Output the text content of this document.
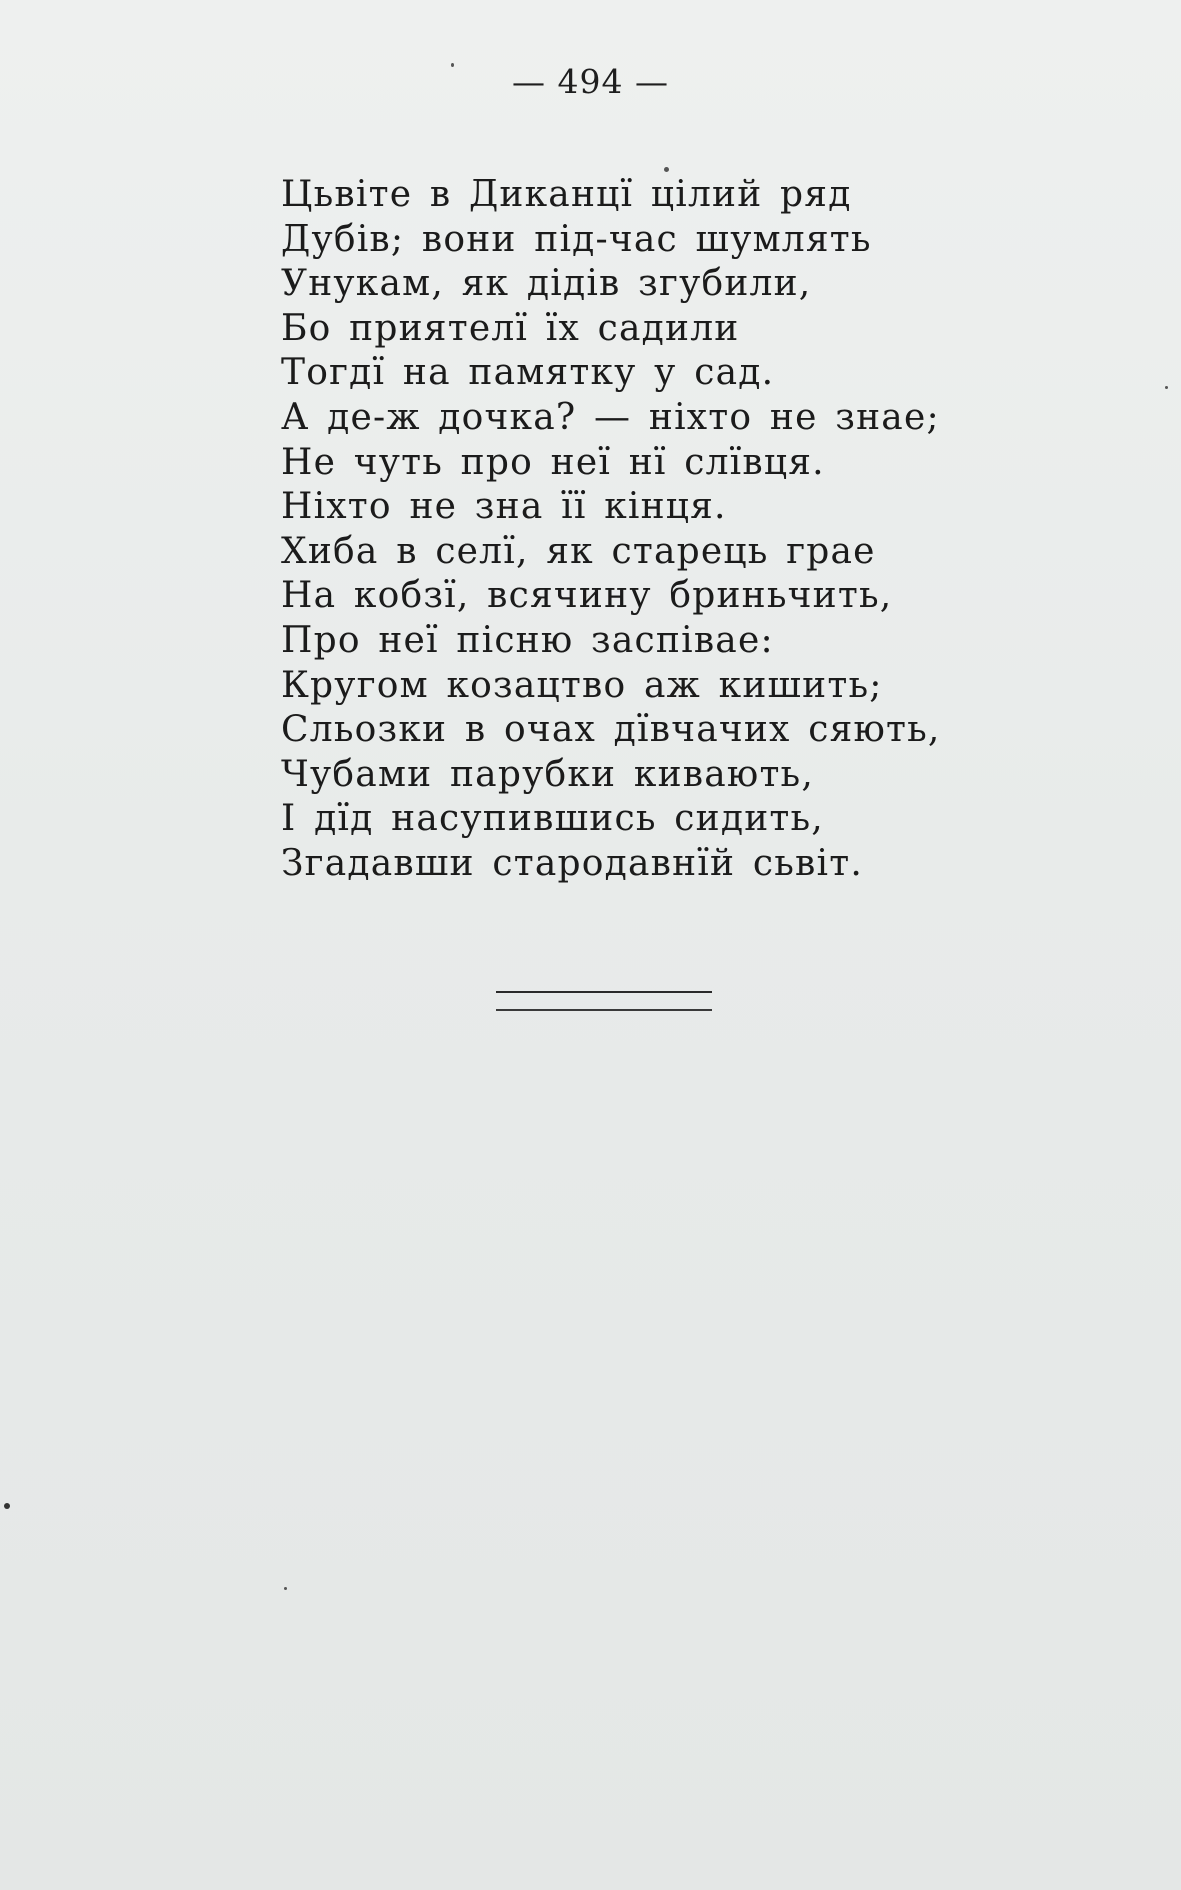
— 494 —
Цьвіте в Диканцї цілий ряд
Дубів; вони під-час шумлять
Унукам, як дідів згубили,
Бо приятелї їх садили
Тогдї на памятку у сад.
А де-ж дочка? — ніхто не знае;
Не чуть про неї нї слївця.
Ніхто не зна її кінця.
Хиба в селї, як старець грае
На кобзї, всячину бриньчить,
Про неї пісню заспівае:
Кругом козацтво аж кишить;
Сльозки в очах дївчачих сяють,
Чубами парубки кивають,
І дїд насупившись сидить,
Згадавши стародавнїй сьвіт.
